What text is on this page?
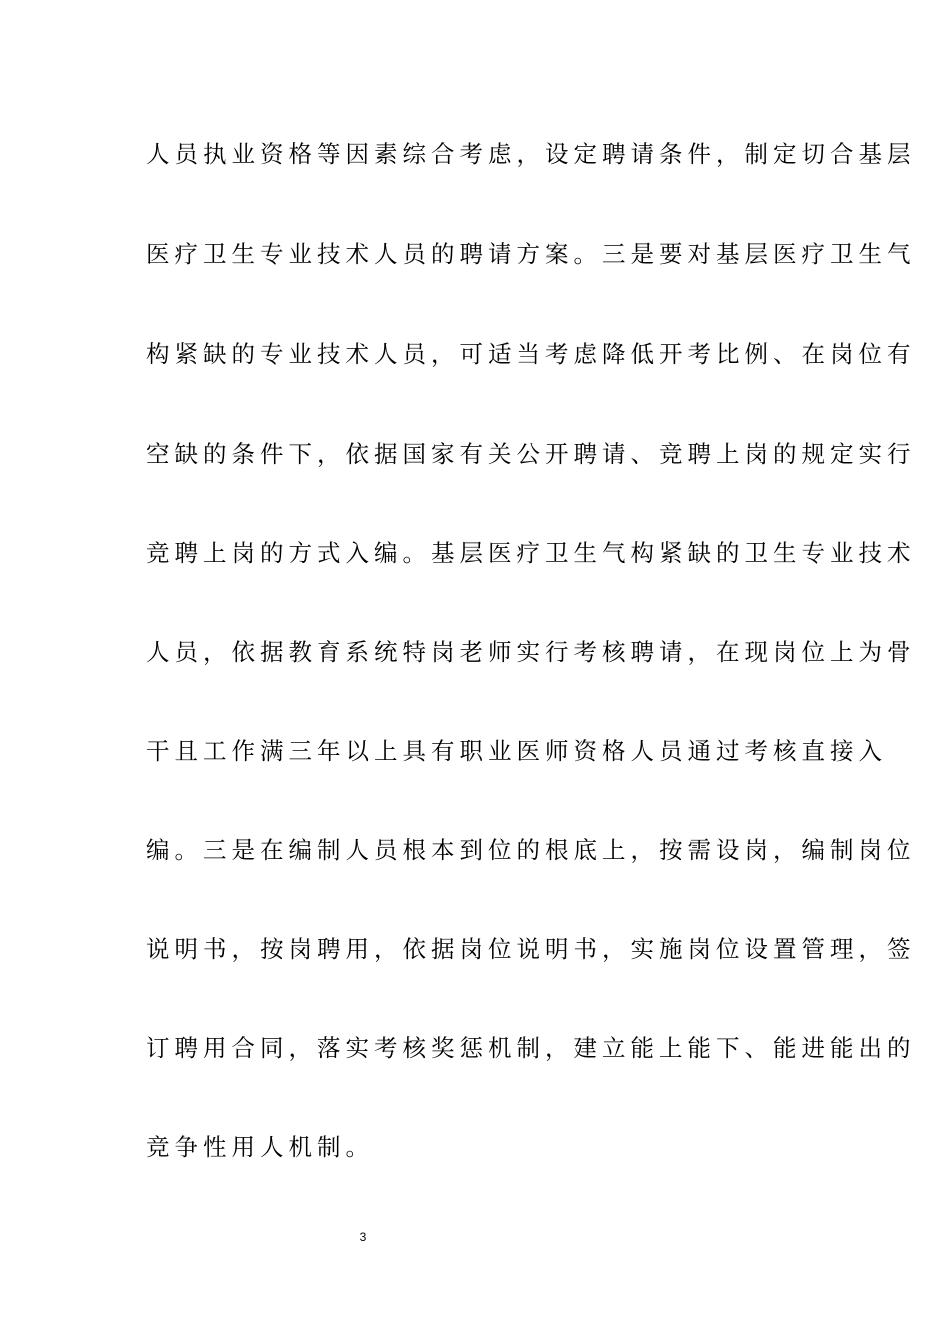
人员执业资格等因素综合考虑，设定聘请条件，制定切合基层
医疗卫生专业技术人员的聘请方案。三是要对基层医疗卫生气
构紧缺的专业技术人员，可适当考虑降低开考比例、在岗位有
空缺的条件下，依据国家有关公开聘请、竞聘上岗的规定实行
竞聘上岗的方式入编。基层医疗卫生气构紧缺的卫生专业技术
人员，依据教育系统特岗老师实行考核聘请，在现岗位上为骨
干且工作满三年以上具有职业医师资格人员通过考核直接入
编。三是在编制人员根本到位的根底上，按需设岗，编制岗位
说明书，按岗聘用，依据岗位说明书，实施岗位设置管理，签
订聘用合同，落实考核奖惩机制，建立能上能下、能进能出的
竞争性用人机制。
3
